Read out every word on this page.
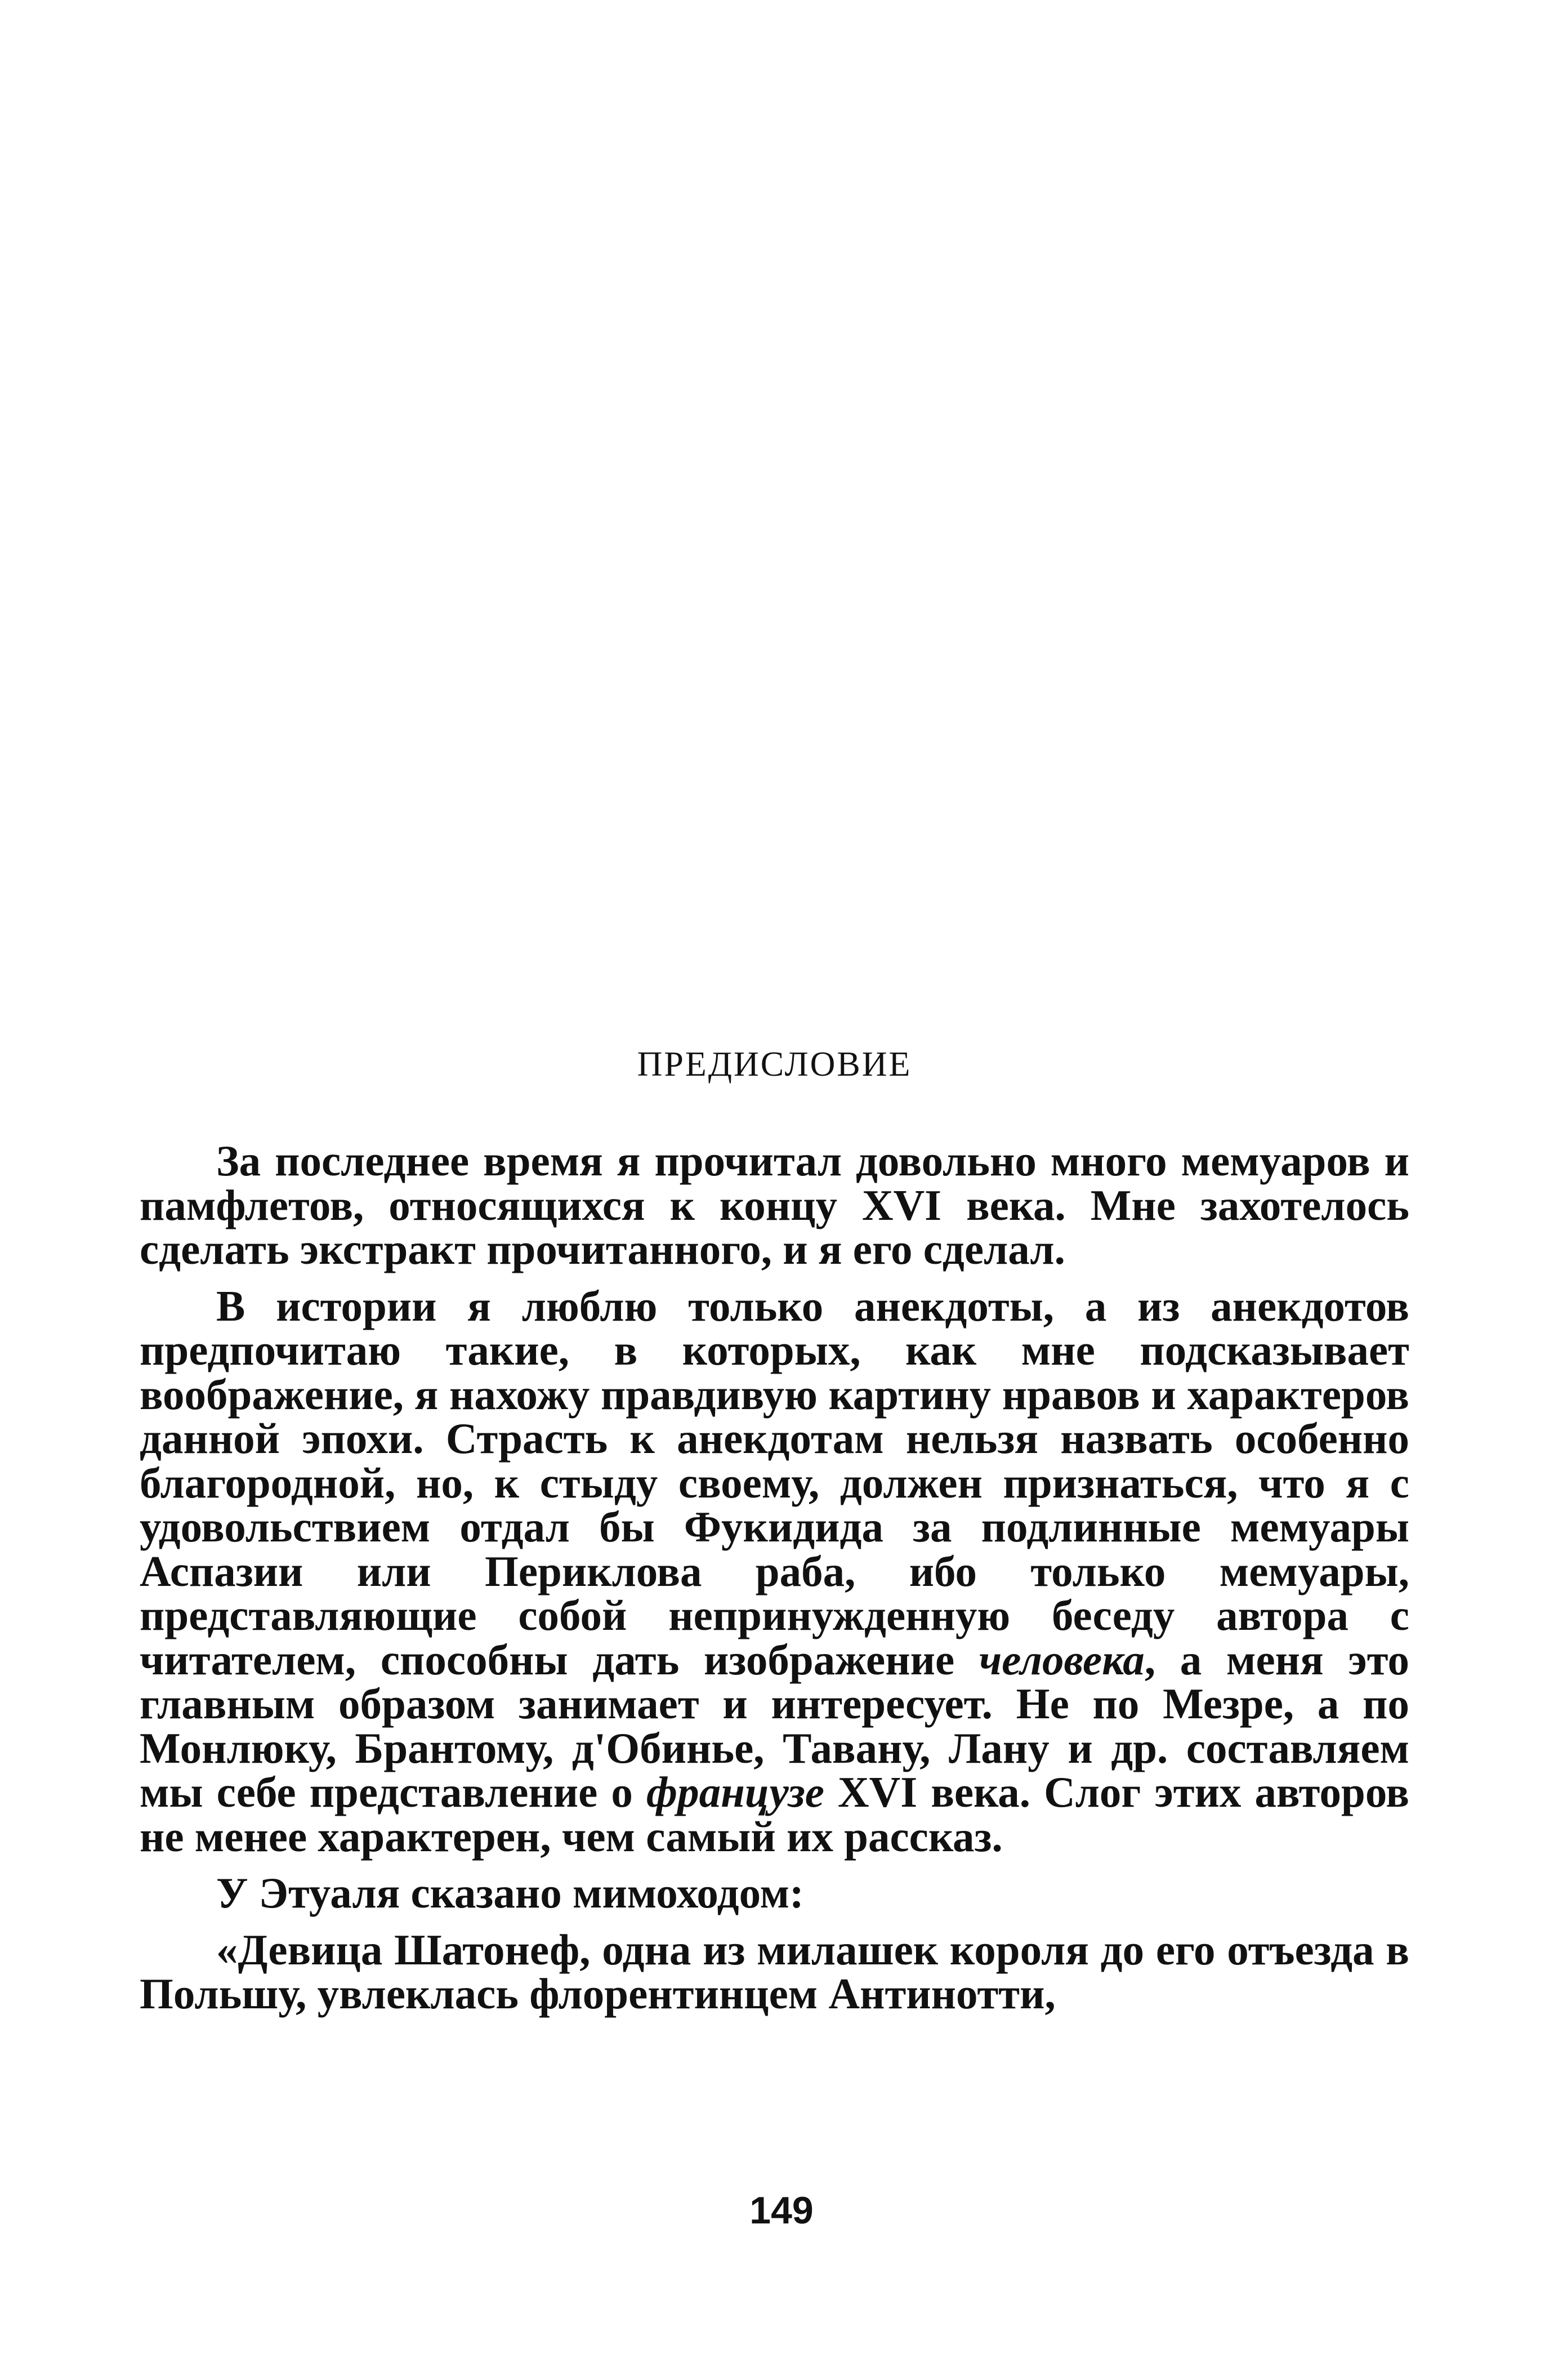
ПРЕДИСЛОВИЕ

За последнее время я прочитал довольно много мемуаров и памфлетов, относящихся к концу XVI века. Мне захотелось сделать экстракт прочитанного, и я его сделал.

В истории я люблю только анекдоты, а из анекдотов предпочитаю такие, в которых, как мне подсказывает воображение, я нахожу правдивую картину нравов и характеров данной эпохи. Страсть к анекдотам нельзя назвать особенно благородной, но, к стыду своему, должен признаться, что я с удовольствием отдал бы Фукидида за подлинные мемуары Аспазии или Периклова раба, ибо только мемуары, представляющие собой непринужденную беседу автора с читателем, способны дать изображение человека, а меня это главным образом занимает и интересует. Не по Мезре, а по Монлюку, Брантому, д'Обинье, Тавану, Лану и др. составляем мы себе представление о французе XVI века. Слог этих авторов не менее характерен, чем самый их рассказ.

У Этуаля сказано мимоходом:

«Девица Шатонеф, одна из милашек короля до его отъезда в Польшу, увлеклась флорентинцем Антинотти,

149
